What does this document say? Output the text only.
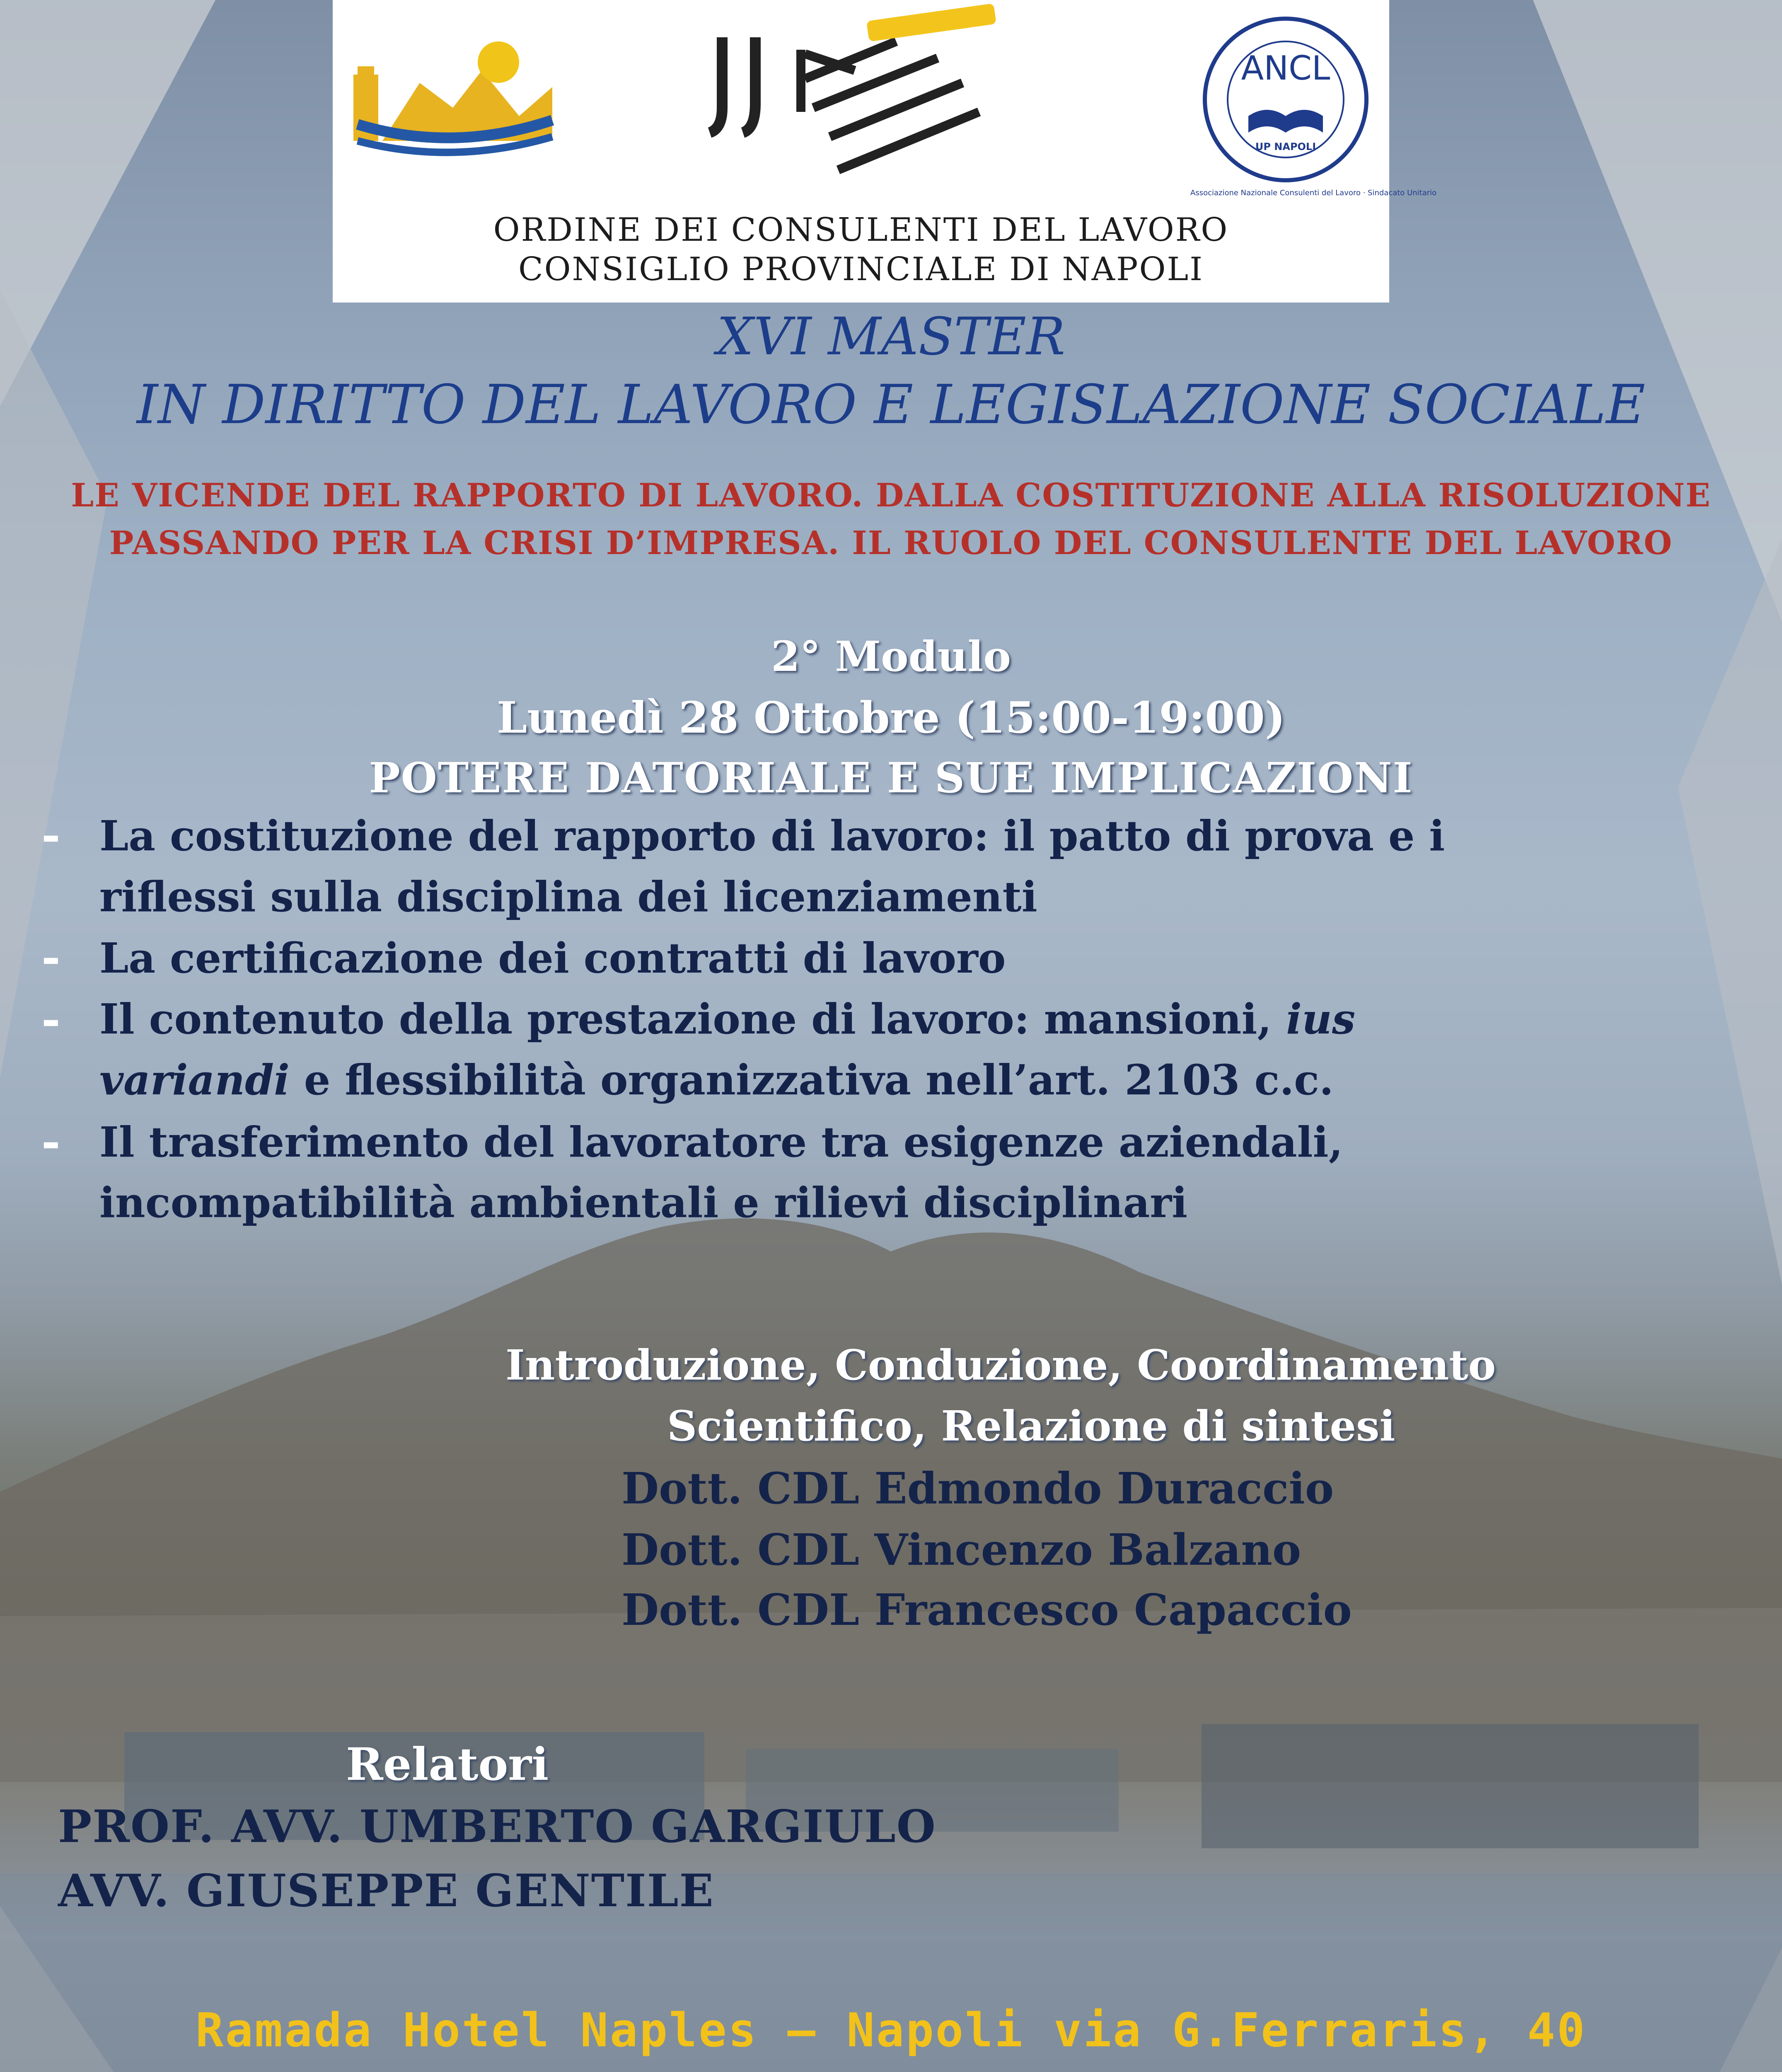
ANCL
UP NAPOLI
Associazione Nazionale Consulenti del Lavoro · Sindacato Unitario
ORDINE DEI CONSULENTI DEL LAVORO
CONSIGLIO PROVINCIALE DI NAPOLI
XVI MASTER
IN DIRITTO DEL LAVORO E LEGISLAZIONE SOCIALE
LE VICENDE DEL RAPPORTO DI LAVORO. DALLA COSTITUZIONE ALLA RISOLUZIONE
PASSANDO PER LA CRISI D’IMPRESA. IL RUOLO DEL CONSULENTE DEL LAVORO
2° Modulo
Lunedì 28 Ottobre (15:00-19:00)
POTERE DATORIALE E SUE IMPLICAZIONI
- La costituzione del rapporto di lavoro: il patto di prova e i
riflessi sulla disciplina dei licenziamenti
- La certificazione dei contratti di lavoro
- Il contenuto della prestazione di lavoro: mansioni, ius
variandi e flessibilità organizzativa nell’art. 2103 c.c.
- Il trasferimento del lavoratore tra esigenze aziendali,
incompatibilità ambientali e rilievi disciplinari
Introduzione, Conduzione, Coordinamento
Scientifico, Relazione di sintesi
Dott. CDL Edmondo Duraccio
Dott. CDL Vincenzo Balzano
Dott. CDL Francesco Capaccio
Relatori
PROF. AVV. UMBERTO GARGIULO
AVV. GIUSEPPE GENTILE
Ramada Hotel Naples – Napoli via G.Ferraris, 40
